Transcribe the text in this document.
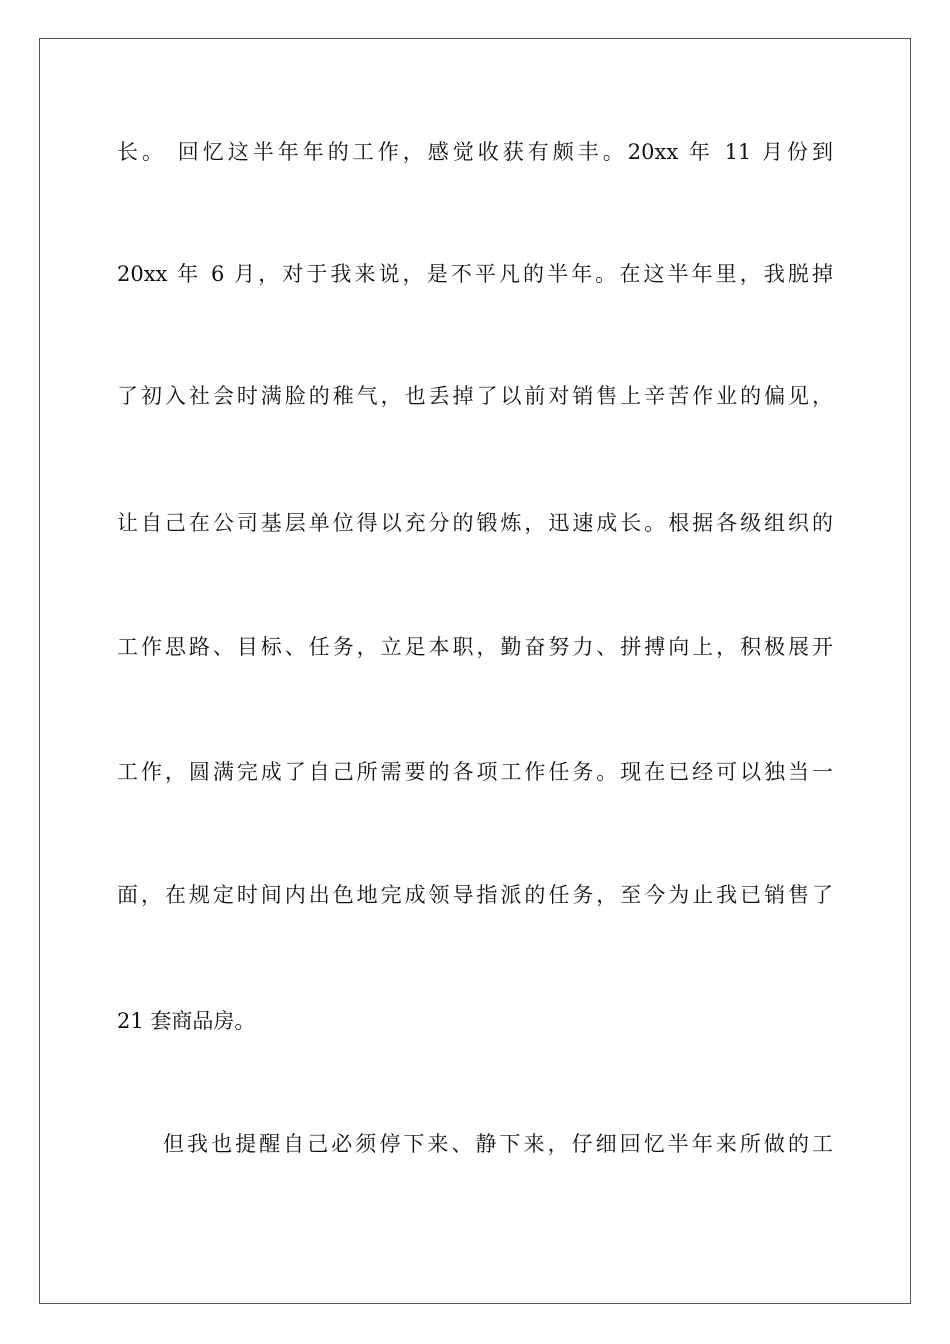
长。 回忆这半年年的工作，感觉收获有颇丰。20xx 年 11 月份到
20xx 年 6 月，对于我来说，是不平凡的半年。在这半年里，我脱掉
了初入社会时满脸的稚气，也丢掉了以前对销售上辛苦作业的偏见，
让自己在公司基层单位得以充分的锻炼，迅速成长。根据各级组织的
工作思路、目标、任务，立足本职，勤奋努力、拼搏向上，积极展开
工作，圆满完成了自己所需要的各项工作任务。现在已经可以独当一
面，在规定时间内出色地完成领导指派的任务，至今为止我已销售了
21 套商品房。
但我也提醒自己必须停下来、静下来，仔细回忆半年来所做的工
